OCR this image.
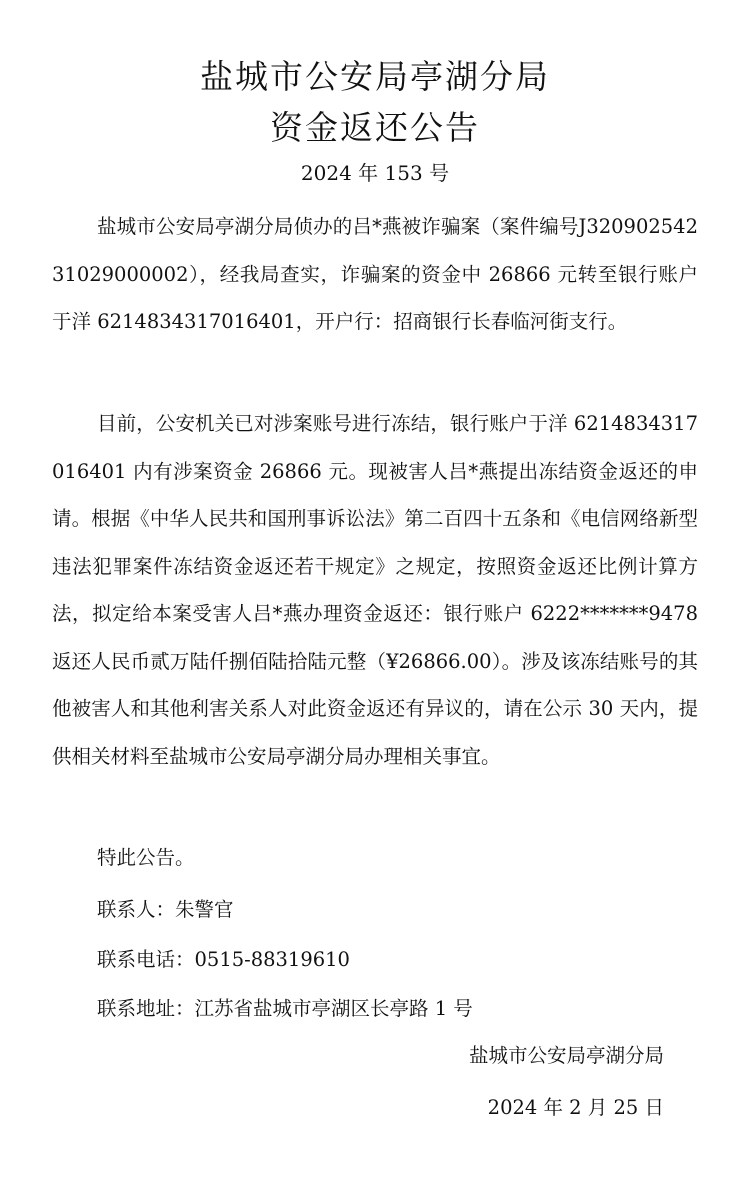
盐城市公安局亭湖分局
资金返还公告
2024 年 153 号

盐城市公安局亭湖分局侦办的吕*燕被诈骗案（案件编号J32090254231029000002），经我局查实，诈骗案的资金中 26866 元转至银行账户于洋 6214834317016401，开户行：招商银行长春临河街支行。

目前，公安机关已对涉案账号进行冻结，银行账户于洋 6214834317016401 内有涉案资金 26866 元。现被害人吕*燕提出冻结资金返还的申请。根据《中华人民共和国刑事诉讼法》第二百四十五条和《电信网络新型违法犯罪案件冻结资金返还若干规定》之规定，按照资金返还比例计算方法，拟定给本案受害人吕*燕办理资金返还：银行账户 6222*******9478 返还人民币贰万陆仟捌佰陆拾陆元整（¥26866.00）。涉及该冻结账号的其他被害人和其他利害关系人对此资金返还有异议的，请在公示 30 天内，提供相关材料至盐城市公安局亭湖分局办理相关事宜。

特此公告。
联系人：朱警官
联系电话：0515-88319610
联系地址：江苏省盐城市亭湖区长亭路 1 号
盐城市公安局亭湖分局
2024 年 2 月 25 日
